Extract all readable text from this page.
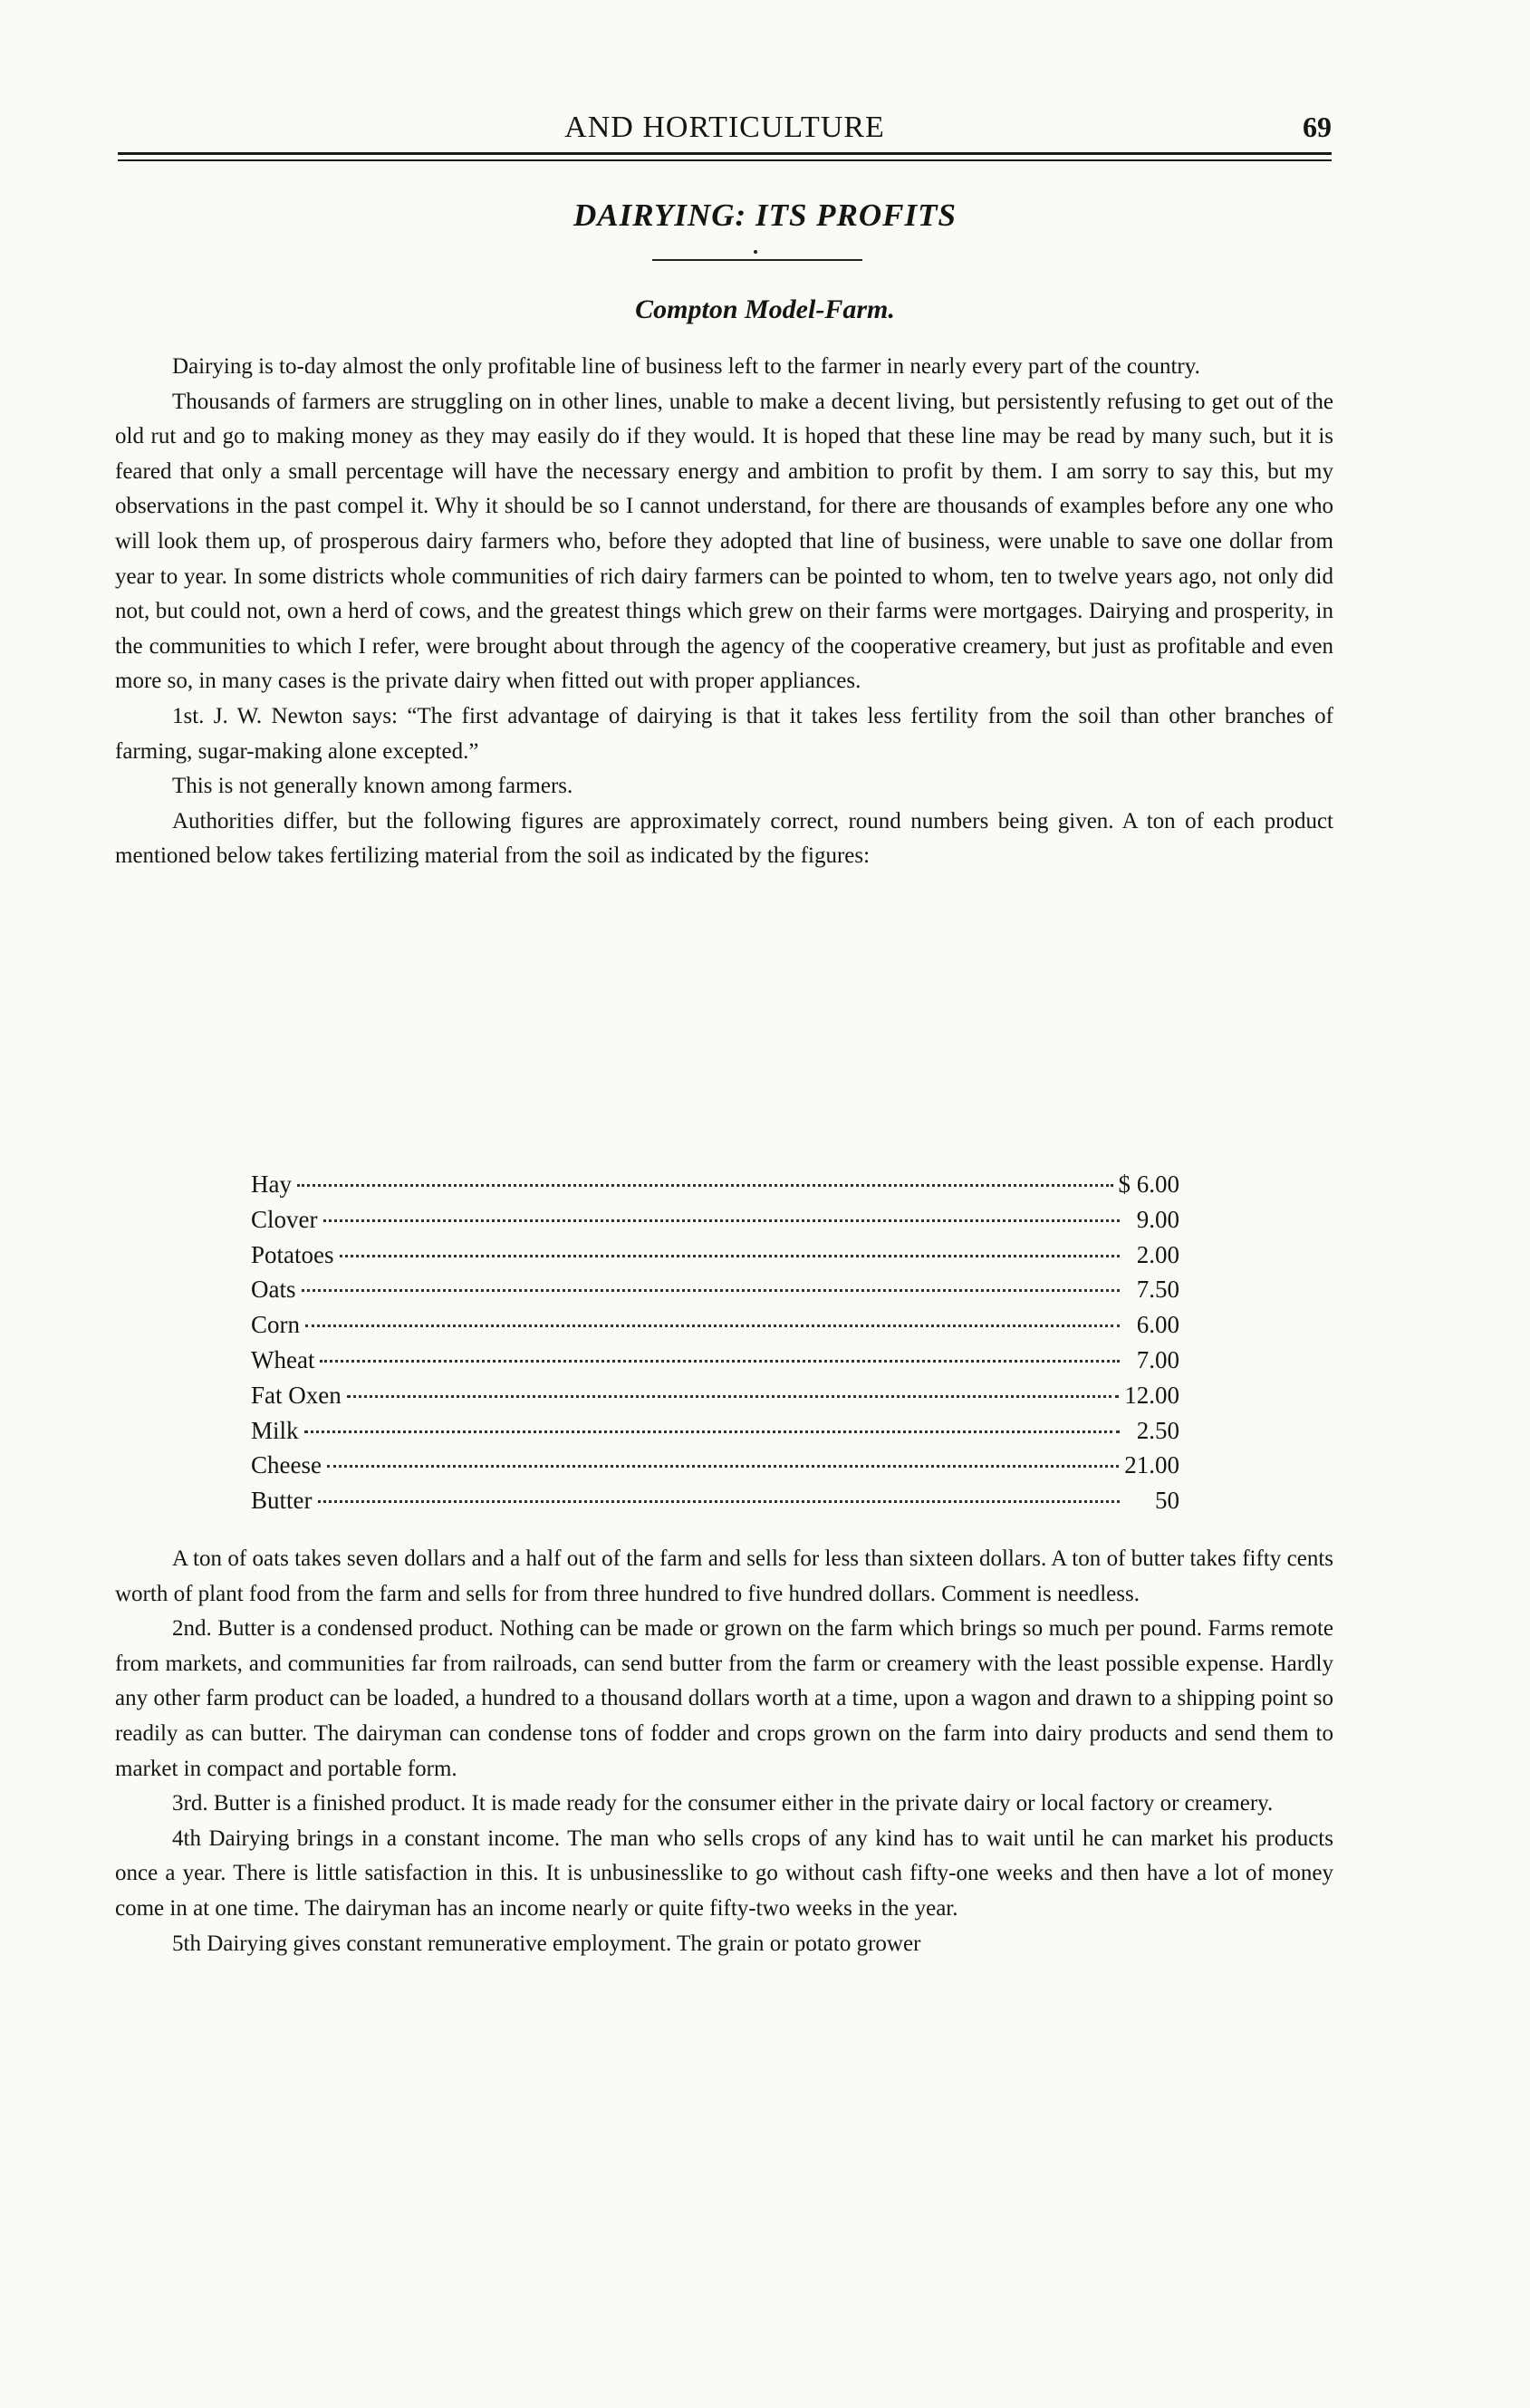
AND HORTICULTURE	69
DAIRYING: ITS PROFITS
Compton Model-Farm.

Dairying is to-day almost the only profitable line of business left to the farmer in nearly every part of the country.

Thousands of farmers are struggling on in other lines, unable to make a decent living, but persistently refusing to get out of the old rut and go to making money as they may easily do if they would. It is hoped that these line may be read by many such, but it is feared that only a small percentage will have the necessary energy and ambition to profit by them. I am sorry to say this, but my observations in the past compel it. Why it should be so I cannot understand, for there are thousands of examples before any one who will look them up, of prosperous dairy farmers who, before they adopted that line of business, were unable to save one dollar from year to year. In some districts whole communities of rich dairy farmers can be pointed to whom, ten to twelve years ago, not only did not, but could not, own a herd of cows, and the greatest things which grew on their farms were mortgages. Dairying and prosperity, in the communities to which I refer, were brought about through the agency of the cooperative creamery, but just as profitable and even more so, in many cases is the private dairy when fitted out with proper appliances.

1st. J. W. Newton says: “The first advantage of dairying is that it takes less fertility from the soil than other branches of farming, sugar-making alone excepted.”

This is not generally known among farmers.

Authorities differ, but the following figures are approximately correct, round numbers being given. A ton of each product mentioned below takes fertilizing material from the soil as indicated by the figures:

Hay	$ 6.00
Clover	9.00
Potatoes	2.00
Oats	7.50
Corn	6.00
Wheat	7.00
Fat Oxen	12.00
Milk	2.50
Cheese	21.00
Butter	50

A ton of oats takes seven dollars and a half out of the farm and sells for less than sixteen dollars. A ton of butter takes fifty cents worth of plant food from the farm and sells for from three hundred to five hundred dollars. Comment is needless.

2nd. Butter is a condensed product. Nothing can be made or grown on the farm which brings so much per pound. Farms remote from markets, and communities far from railroads, can send butter from the farm or creamery with the least possible expense. Hardly any other farm product can be loaded, a hundred to a thousand dollars worth at a time, upon a wagon and drawn to a shipping point so readily as can butter. The dairyman can condense tons of fodder and crops grown on the farm into dairy products and send them to market in compact and portable form.

3rd. Butter is a finished product. It is made ready for the consumer either in the private dairy or local factory or creamery.

4th Dairying brings in a constant income. The man who sells crops of any kind has to wait until he can market his products once a year. There is little satisfaction in this. It is unbusinesslike to go without cash fifty-one weeks and then have a lot of money come in at one time. The dairyman has an income nearly or quite fifty-two weeks in the year.

5th Dairying gives constant remunerative employment. The grain or potato grower
